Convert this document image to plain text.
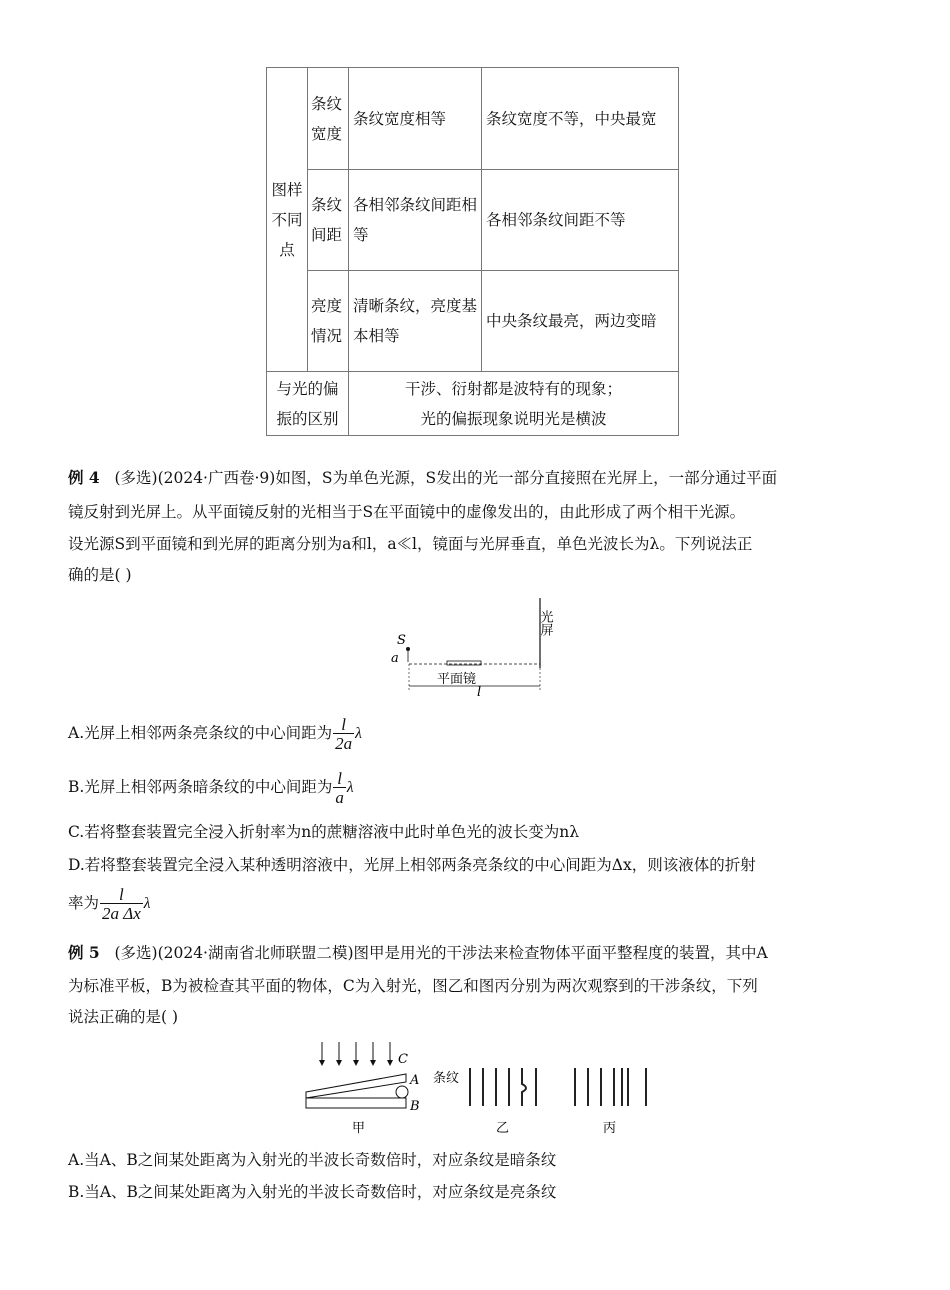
图样不同点	条纹宽度	条纹宽度相等	条纹宽度不等，中央最宽
	条纹间距	各相邻条纹间距相等	各相邻条纹间距不等
	亮度情况	清晰条纹，亮度基本相等	中央条纹最亮，两边变暗
与光的偏振的区别		干涉、衍射都是波特有的现象；
光的偏振现象说明光是横波	
例 4 (多选)(2024·广西卷·9)如图，S为单色光源，S发出的光一部分直接照在光屏上，一部分通过平面
镜反射到光屏上。从平面镜反射的光相当于S在平面镜中的虚像发出的，由此形成了两个相干光源。
设光源S到平面镜和到光屏的距离分别为a和l，a≪l，镜面与光屏垂直，单色光波长为λ。下列说法正
确的是( )
光屏
S
a
平面镜
l
A.光屏上相邻两条亮条纹的中心间距为 $\frac{l}{2a}$ λ
B.光屏上相邻两条暗条纹的中心间距为 $\frac{l}{a}$ λ
C.若将整套装置完全浸入折射率为n的蔗糖溶液中此时单色光的波长变为nλ
D.若将整套装置完全浸入某种透明溶液中，光屏上相邻两条亮条纹的中心间距为Δx，则该液体的折射
率为 $\frac{l}{\text{2a Δx}}$ λ
例 5 (多选)(2024·湖南省北师联盟二模)图甲是用光的干涉法来检查物体平面平整程度的装置，其中A
为标准平板，B为被检查其平面的物体，C为入射光，图乙和图丙分别为两次观察到的干涉条纹，下列
说法正确的是( )
C
A
B
甲
条纹
乙	丙
A.当A、B之间某处距离为入射光的半波长奇数倍时，对应条纹是暗条纹
B.当A、B之间某处距离为入射光的半波长奇数倍时，对应条纹是亮条纹
